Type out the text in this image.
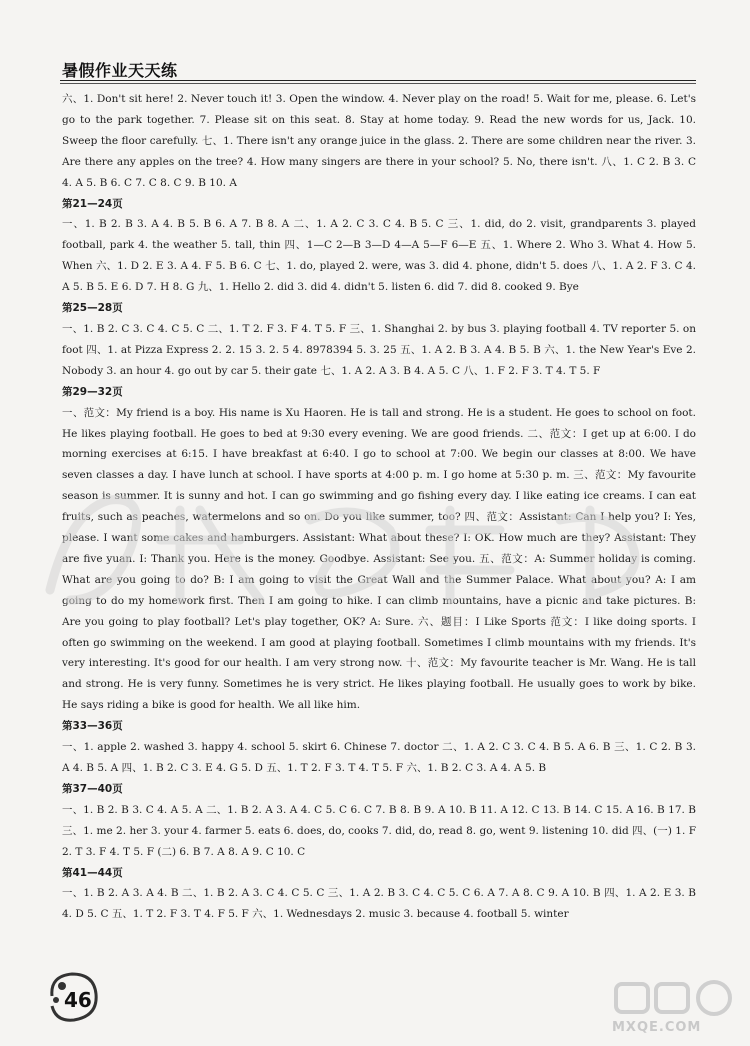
暑假作业天天练

六、1. Don't sit here! 2. Never touch it! 3. Open the window. 4. Never play on the road! 5. Wait for me, please. 6. Let's go to the park together. 7. Please sit on this seat. 8. Stay at home today. 9. Read the new words for us, Jack. 10. Sweep the floor carefully. 七、1. There isn't any orange juice in the glass. 2. There are some children near the river. 3. Are there any apples on the tree? 4. How many singers are there in your school? 5. No, there isn't. 八、1. C 2. B 3. C 4. A 5. B 6. C 7. C 8. C 9. B 10. A

第21—24页

一、1. B 2. B 3. A 4. B 5. B 6. A 7. B 8. A 二、1. A 2. C 3. C 4. B 5. C 三、1. did, do 2. visit, grandparents 3. played football, park 4. the weather 5. tall, thin 四、1—C 2—B 3—D 4—A 5—F 6—E 五、1. Where 2. Who 3. What 4. How 5. When 六、1. D 2. E 3. A 4. F 5. B 6. C 七、1. do, played 2. were, was 3. did 4. phone, didn't 5. does 八、1. A 2. F 3. C 4. A 5. B 5. E 6. D 7. H 8. G 九、1. Hello 2. did 3. did 4. didn't 5. listen 6. did 7. did 8. cooked 9. Bye

第25—28页

一、1. B 2. C 3. C 4. C 5. C 二、1. T 2. F 3. F 4. T 5. F 三、1. Shanghai 2. by bus 3. playing football 4. TV reporter 5. on foot 四、1. at Pizza Express 2. 2. 15 3. 2. 5 4. 8978394 5. 3. 25 五、1. A 2. B 3. A 4. B 5. B 六、1. the New Year's Eve 2. Nobody 3. an hour 4. go out by car 5. their gate 七、1. A 2. A 3. B 4. A 5. C 八、1. F 2. F 3. T 4. T 5. F

第29—32页

一、范文：My friend is a boy. His name is Xu Haoren. He is tall and strong. He is a student. He goes to school on foot. He likes playing football. He goes to bed at 9:30 every evening. We are good friends. 二、范文：I get up at 6:00. I do morning exercises at 6:15. I have breakfast at 6:40. I go to school at 7:00. We begin our classes at 8:00. We have seven classes a day. I have lunch at school. I have sports at 4:00 p. m. I go home at 5:30 p. m. 三、范文：My favourite season is summer. It is sunny and hot. I can go swimming and go fishing every day. I like eating ice creams. I can eat fruits, such as peaches, watermelons and so on. Do you like summer, too? 四、范文：Assistant: Can I help you? I: Yes, please. I want some cakes and hamburgers. Assistant: What about these? I: OK. How much are they? Assistant: They are five yuan. I: Thank you. Here is the money. Goodbye. Assistant: See you. 五、范文：A: Summer holiday is coming. What are you going to do? B: I am going to visit the Great Wall and the Summer Palace. What about you? A: I am going to do my homework first. Then I am going to hike. I can climb mountains, have a picnic and take pictures. B: Are you going to play football? Let's play together, OK? A: Sure. 六、题目：I Like Sports 范文：I like doing sports. I often go swimming on the weekend. I am good at playing football. Sometimes I climb mountains with my friends. It's very interesting. It's good for our health. I am very strong now. 十、范文：My favourite teacher is Mr. Wang. He is tall and strong. He is very funny. Sometimes he is very strict. He likes playing football. He usually goes to work by bike. He says riding a bike is good for health. We all like him.

第33—36页

一、1. apple 2. washed 3. happy 4. school 5. skirt 6. Chinese 7. doctor 二、1. A 2. C 3. C 4. B 5. A 6. B 三、1. C 2. B 3. A 4. B 5. A 四、1. B 2. C 3. E 4. G 5. D 五、1. T 2. F 3. T 4. T 5. F 六、1. B 2. C 3. A 4. A 5. B

第37—40页

一、1. B 2. B 3. C 4. A 5. A 二、1. B 2. A 3. A 4. C 5. C 6. C 7. B 8. B 9. A 10. B 11. A 12. C 13. B 14. C 15. A 16. B 17. B 三、1. me 2. her 3. your 4. farmer 5. eats 6. does, do, cooks 7. did, do, read 8. go, went 9. listening 10. did 四、(一) 1. F 2. T 3. F 4. T 5. F (二) 6. B 7. A 8. A 9. C 10. C

第41—44页

一、1. B 2. A 3. A 4. B 二、1. B 2. A 3. C 4. C 5. C 三、1. A 2. B 3. C 4. C 5. C 6. A 7. A 8. C 9. A 10. B 四、1. A 2. E 3. B 4. D 5. C 五、1. T 2. F 3. T 4. F 5. F 六、1. Wednesdays 2. music 3. because 4. football 5. winter

46
MXQE.COM
